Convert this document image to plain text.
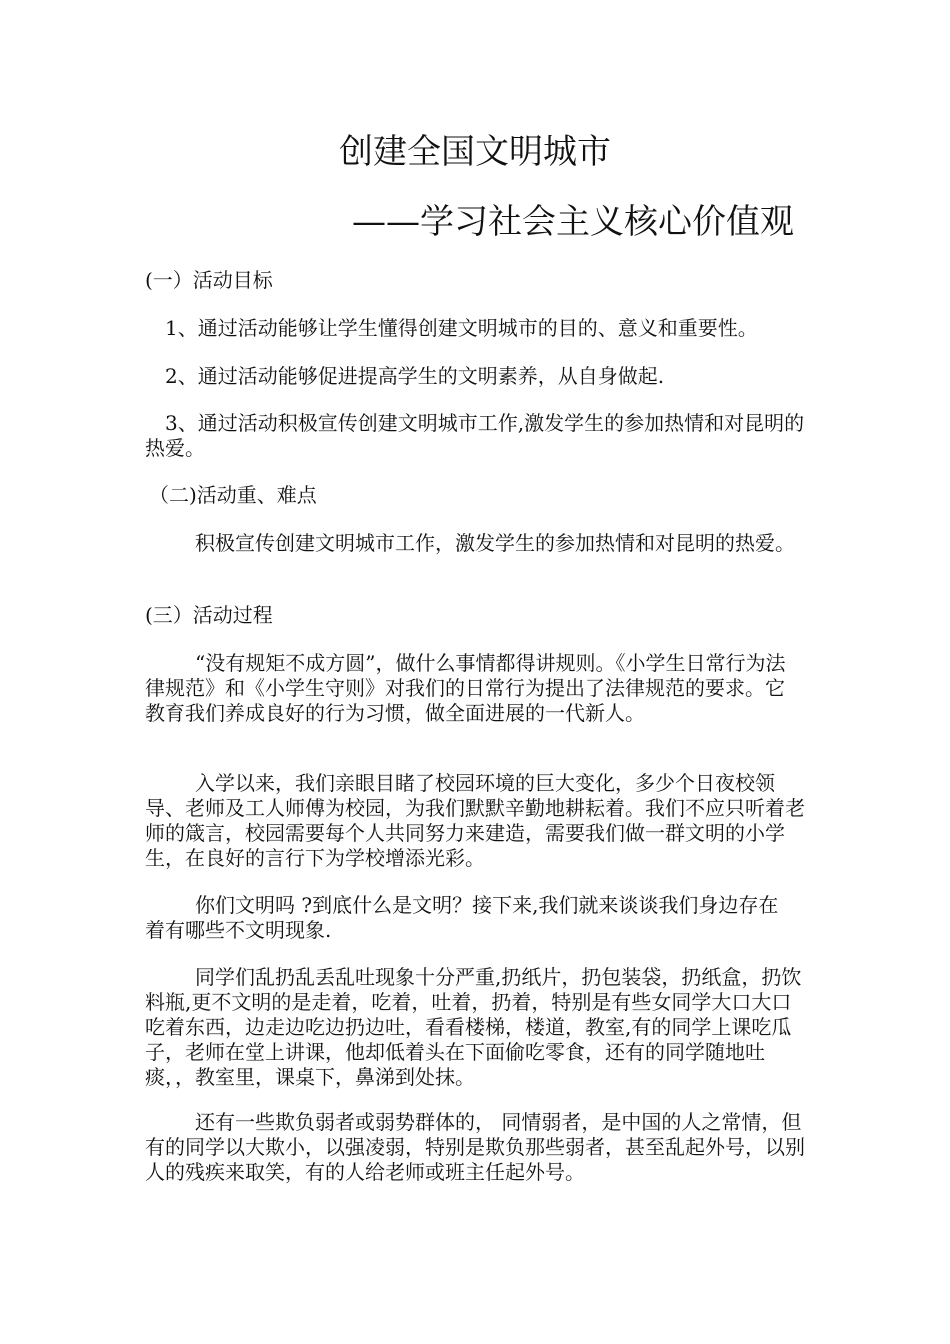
创建全国文明城市
——学习社会主义核心价值观

(一）活动目标

1、通过活动能够让学生懂得创建文明城市的目的、意义和重要性。

2、通过活动能够促进提高学生的文明素养，从自身做起.

3、通过活动积极宣传创建文明城市工作,激发学生的参加热情和对昆明的热爱。

（二)活动重、难点

积极宣传创建文明城市工作，激发学生的参加热情和对昆明的热爱。

(三）活动过程

“没有规矩不成方圆”，做什么事情都得讲规则。《小学生日常行为法律规范》和《小学生守则》对我们的日常行为提出了法律规范的要求。它教育我们养成良好的行为习惯，做全面进展的一代新人。

入学以来，我们亲眼目睹了校园环境的巨大变化，多少个日夜校领导、老师及工人师傅为校园，为我们默默辛勤地耕耘着。我们不应只听着老师的箴言，校园需要每个人共同努力来建造，需要我们做一群文明的小学生，在良好的言行下为学校增添光彩。

你们文明吗 ?到底什么是文明？接下来,我们就来谈谈我们身边存在着有哪些不文明现象.

同学们乱扔乱丢乱吐现象十分严重,扔纸片，扔包装袋，扔纸盒，扔饮料瓶,更不文明的是走着，吃着，吐着，扔着，特别是有些女同学大口大口吃着东西，边走边吃边扔边吐，看看楼梯，楼道，教室,有的同学上课吃瓜子，老师在堂上讲课，他却低着头在下面偷吃零食，还有的同学随地吐痰，，教室里，课桌下，鼻涕到处抹。

还有一些欺负弱者或弱势群体的， 同情弱者，是中国的人之常情，但有的同学以大欺小，以强凌弱，特别是欺负那些弱者，甚至乱起外号，以别人的残疾来取笑，有的人给老师或班主任起外号。
